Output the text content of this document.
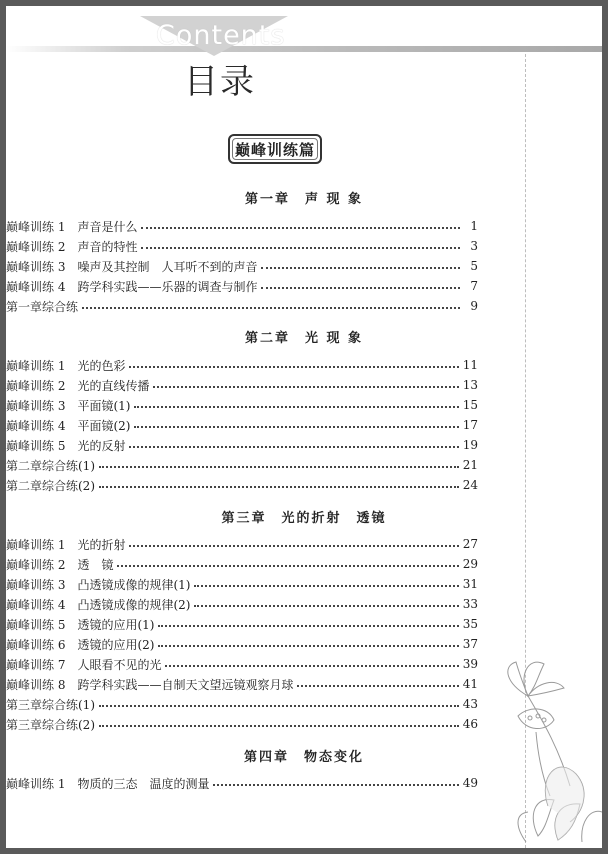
Contents
目录
巅峰训练篇
第一章　声 现 象
巅峰训练 1 声音是什么	1
巅峰训练 2 声音的特性	3
巅峰训练 3 噪声及其控制　人耳听不到的声音	5
巅峰训练 4 跨学科实践——乐器的调查与制作	7
第一章综合练	9
第二章　光 现 象
巅峰训练 1 光的色彩	11
巅峰训练 2 光的直线传播	13
巅峰训练 3 平面镜(1)	15
巅峰训练 4 平面镜(2)	17
巅峰训练 5 光的反射	19
第二章综合练(1)	21
第二章综合练(2)	24
第三章　光的折射　透镜
巅峰训练 1 光的折射	27
巅峰训练 2 透　镜	29
巅峰训练 3 凸透镜成像的规律(1)	31
巅峰训练 4 凸透镜成像的规律(2)	33
巅峰训练 5 透镜的应用(1)	35
巅峰训练 6 透镜的应用(2)	37
巅峰训练 7 人眼看不见的光	39
巅峰训练 8 跨学科实践——自制天文望远镜观察月球	41
第三章综合练(1)	43
第三章综合练(2)	46
第四章　物态变化
巅峰训练 1 物质的三态　温度的测量	49
